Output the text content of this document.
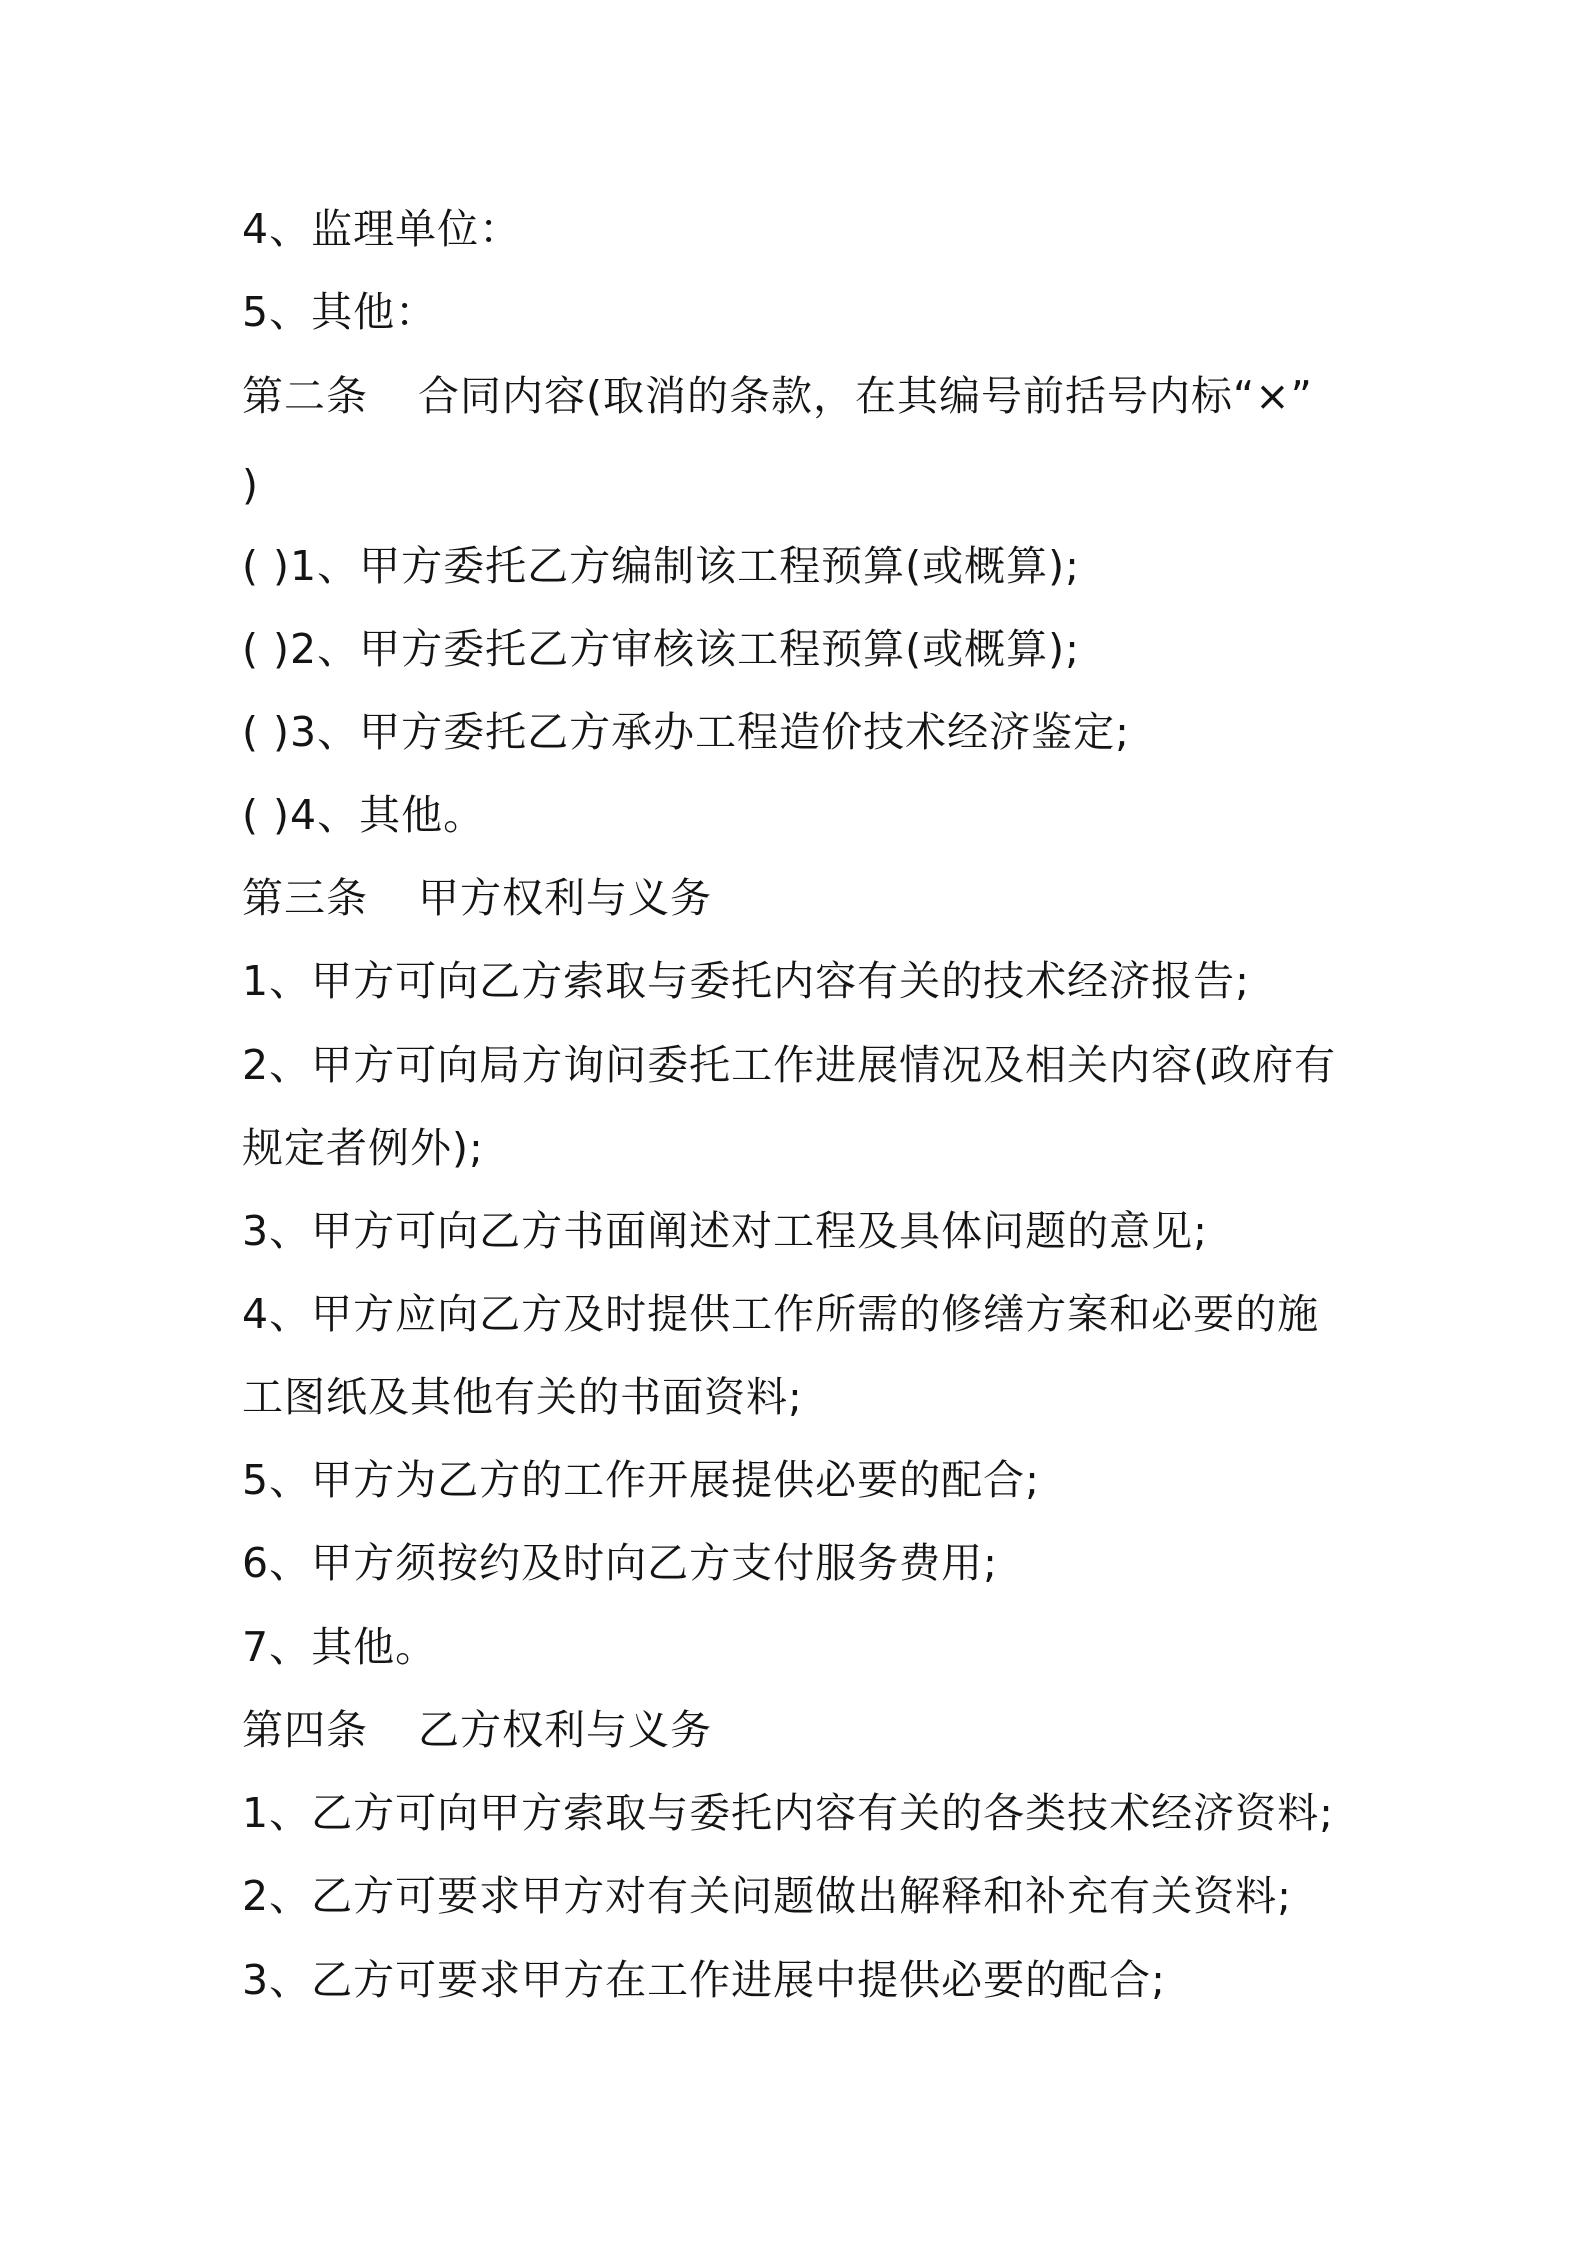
4、监理单位：
5、其他：
第二条 合同内容(取消的条款，在其编号前括号内标“×”
)
( )1、甲方委托乙方编制该工程预算(或概算);
( )2、甲方委托乙方审核该工程预算(或概算);
( )3、甲方委托乙方承办工程造价技术经济鉴定;
( )4、其他。
第三条 甲方权利与义务
1、甲方可向乙方索取与委托内容有关的技术经济报告;
2、甲方可向局方询问委托工作进展情况及相关内容(政府有
规定者例外);
3、甲方可向乙方书面阐述对工程及具体问题的意见;
4、甲方应向乙方及时提供工作所需的修缮方案和必要的施
工图纸及其他有关的书面资料;
5、甲方为乙方的工作开展提供必要的配合;
6、甲方须按约及时向乙方支付服务费用;
7、其他。
第四条 乙方权利与义务
1、乙方可向甲方索取与委托内容有关的各类技术经济资料;
2、乙方可要求甲方对有关问题做出解释和补充有关资料;
3、乙方可要求甲方在工作进展中提供必要的配合;
